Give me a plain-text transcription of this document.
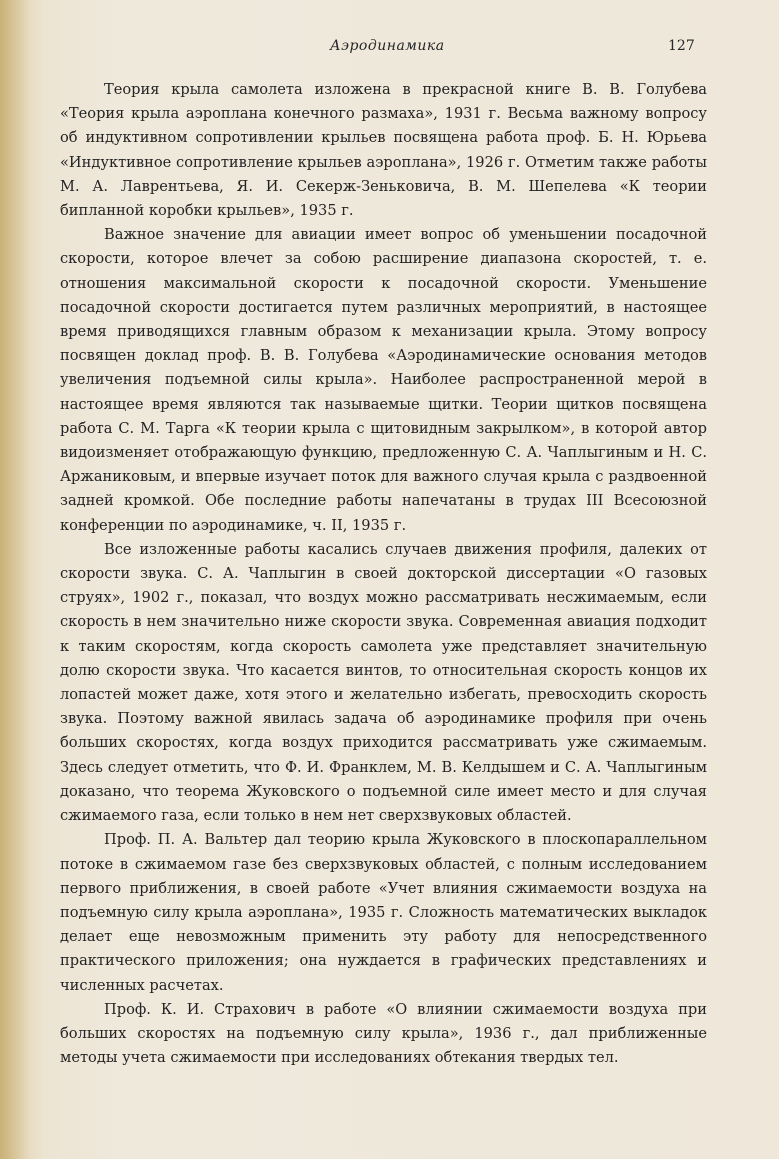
Аэродинамика	127

Теория крыла самолета изложена в прекрасной книге В. В. Голубева «Теория крыла аэроплана конечного размаха», 1931 г. Весьма важному вопросу об индуктивном сопротивлении крыльев посвящена работа проф. Б. Н. Юрьева «Индуктивное сопротивление крыльев аэроплана», 1926 г. Отметим также работы М. А. Лаврентьева, Я. И. Секерж-Зеньковича, В. М. Шепелева «К теории бипланной коробки крыльев», 1935 г.

Важное значение для авиации имеет вопрос об уменьшении посадочной скорости, которое влечет за собою расширение диапазона скоростей, т. е. отношения максимальной скорости к посадочной скорости. Уменьшение посадочной скорости достигается путем различных мероприятий, в настоящее время приводящихся главным образом к механизации крыла. Этому вопросу посвящен доклад проф. В. В. Голубева «Аэродинамические основания методов увеличения подъемной силы крыла». Наиболее распространенной мерой в настоящее время являются так называемые щитки. Теории щитков посвящена работа С. М. Тарга «К теории крыла с щитовидным закрылком», в которой автор видоизменяет отображающую функцию, предложенную С. А. Чаплыгиным и Н. С. Аржаниковым, и впервые изучает поток для важного случая крыла с раздвоенной задней кромкой. Обе последние работы напечатаны в трудах III Всесоюзной конференции по аэродинамике, ч. II, 1935 г.

Все изложенные работы касались случаев движения профиля, далеких от скорости звука. С. А. Чаплыгин в своей докторской диссертации «О газовых струях», 1902 г., показал, что воздух можно рассматривать несжимаемым, если скорость в нем значительно ниже скорости звука. Современная авиация подходит к таким скоростям, когда скорость самолета уже представляет значительную долю скорости звука. Что касается винтов, то относительная скорость концов их лопастей может даже, хотя этого и желательно избегать, превосходить скорость звука. Поэтому важной явилась задача об аэродинамике профиля при очень больших скоростях, когда воздух приходится рассматривать уже сжимаемым. Здесь следует отметить, что Ф. И. Франклем, М. В. Келдышем и С. А. Чаплыгиным доказано, что теорема Жуковского о подъемной силе имеет место и для случая сжимаемого газа, если только в нем нет сверхзвуковых областей.

Проф. П. А. Вальтер дал теорию крыла Жуковского в плоскопараллельном потоке в сжимаемом газе без сверхзвуковых областей, с полным исследованием первого приближения, в своей работе «Учет влияния сжимаемости воздуха на подъемную силу крыла аэроплана», 1935 г. Сложность математических выкладок делает еще невозможным применить эту работу для непосредственного практического приложения; она нуждается в графических представлениях и численных расчетах.

Проф. К. И. Страхович в работе «О влиянии сжимаемости воздуха при больших скоростях на подъемную силу крыла», 1936 г., дал приближенные методы учета сжимаемости при исследованиях обтекания твердых тел.
